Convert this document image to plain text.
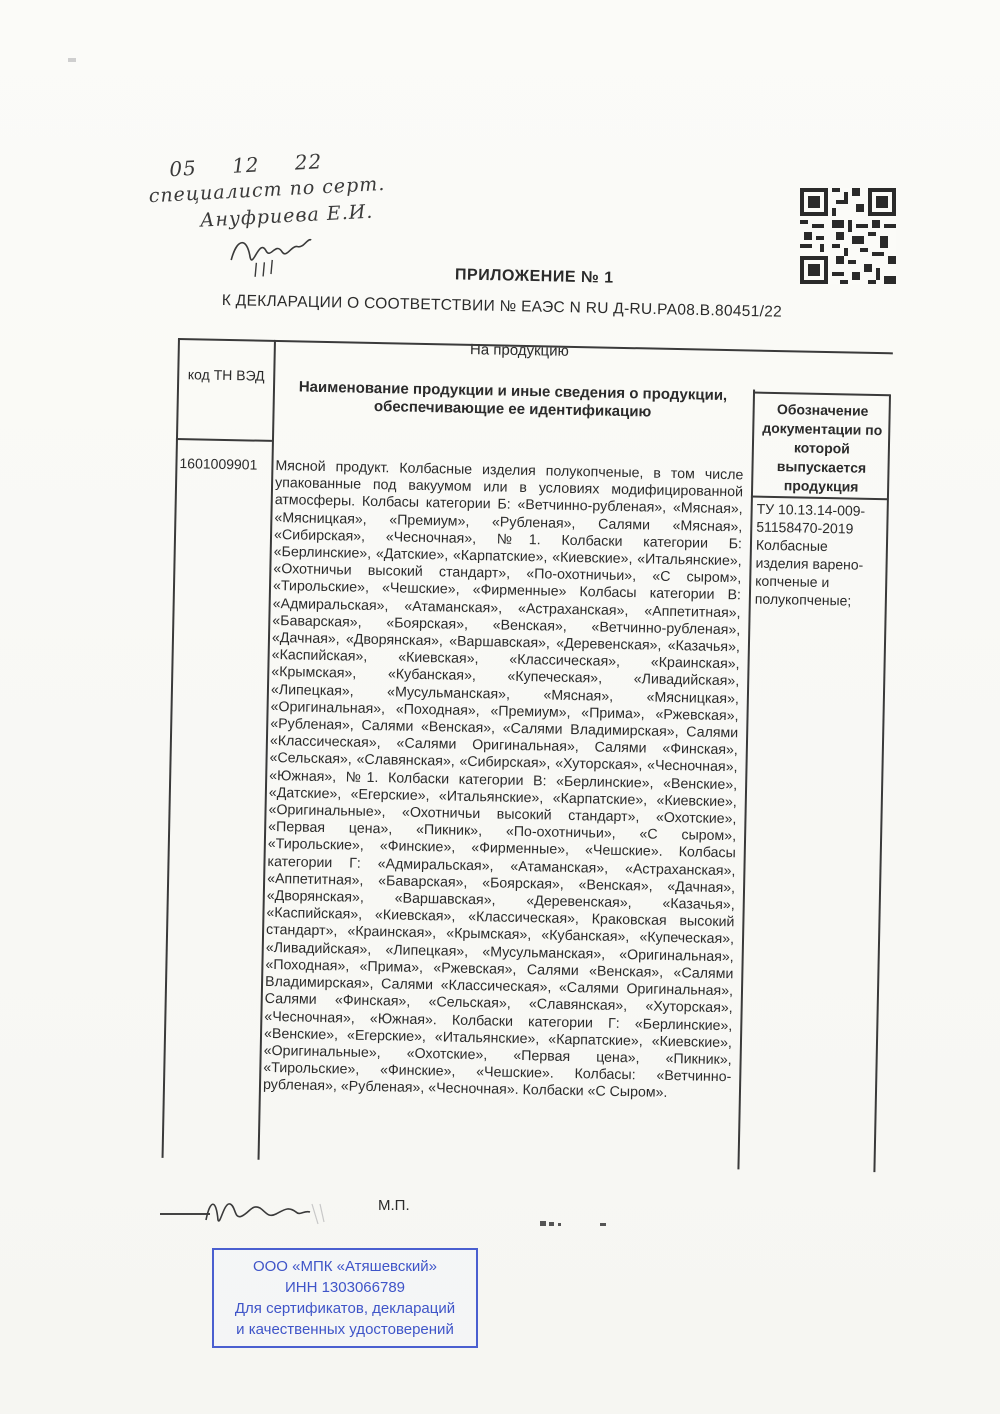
05 12 22
специалист по серт.
Ануфриева Е.И.
ПРИЛОЖЕНИЕ № 1
К ДЕКЛАРАЦИИ О СООТВЕТСТВИИ № ЕАЭС N RU Д-RU.РА08.В.80451/22
На продукцию
код ТН ВЭД
Наименование продукции и иные сведения о продукции, обеспечивающие ее идентификацию	Обозначение документации по которой выпускается продукция
1601009901	Мясной продукт. Колбасные изделия полукопченые, в том числе упакованные под вакуумом или в условиях модифицированной атмосферы. Колбасы категории Б: «Ветчинно-рубленая», «Мясная», «Мясницкая», «Премиум», «Рубленая», Салями «Мясная», «Сибирская», «Чесночная», №1. Колбаски категории Б: «Берлинские», «Датские», «Карпатские», «Киевские», «Итальянские», «Охотничьи высокий стандарт», «По-охотничьи», «С сыром», «Тирольские», «Чешские», «Фирменные» Колбасы категории В: «Адмиральская», «Атаманская», «Астраханская», «Аппетитная», «Баварская», «Боярская», «Венская», «Ветчинно-рубленая», «Дачная», «Дворянская», «Варшавская», «Деревенская», «Казачья», «Каспийская», «Киевская», «Классическая», «Краинская», «Крымская», «Кубанская», «Купеческая», «Ливадийская», «Липецкая», «Мусульманская», «Мясная», «Мясницкая», «Оригинальная», «Походная», «Премиум», «Прима», «Ржевская», «Рубленая», Салями «Венская», «Салями Владимирская», Салями «Классическая», «Салями Оригинальная», Салями «Финская», «Сельская», «Славянская», «Сибирская», «Хуторская», «Чесночная», «Южная», №1. Колбаски категории В: «Берлинские», «Венские», «Датские», «Егерские», «Итальянские», «Карпатские», «Киевские», «Оригинальные», «Охотничьи высокий стандарт», «Охотские», «Первая цена», «Пикник», «По-охотничьи», «С сыром», «Тирольские», «Финские», «Фирменные», «Чешские». Колбасы категории Г: «Адмиральская», «Атаманская», «Астраханская», «Аппетитная», «Баварская», «Боярская», «Венская», «Дачная», «Дворянская», «Варшавская», «Деревенская», «Казачья», «Каспийская», «Киевская», «Классическая», Краковская высокий стандарт», «Краинская», «Крымская», «Кубанская», «Купеческая», «Ливадийская», «Липецкая», «Мусульманская», «Оригинальная», «Походная», «Прима», «Ржевская», Салями «Венская», «Салями Владимирская», Салями «Классическая», «Салями Оригинальная», Салями «Финская», «Сельская», «Славянская», «Хуторская», «Чесночная», «Южная». Колбаски категории Г: «Берлинские», «Венские», «Егерские», «Итальянские», «Карпатские», «Киевские», «Оригинальные», «Охотские», «Первая цена», «Пикник», «Тирольские», «Финские», «Чешские». Колбасы: «Ветчинно-рубленая», «Рубленая», «Чесночная». Колбаски «С Сыром».
ТУ 10.13.14-009-51158470-2019 Колбасные изделия варено-копченые и полукопченые;
М.П.
ООО «МПК «Атяшевский»
ИНН 1303066789
Для сертификатов, деклараций
и качественных удостоверений
